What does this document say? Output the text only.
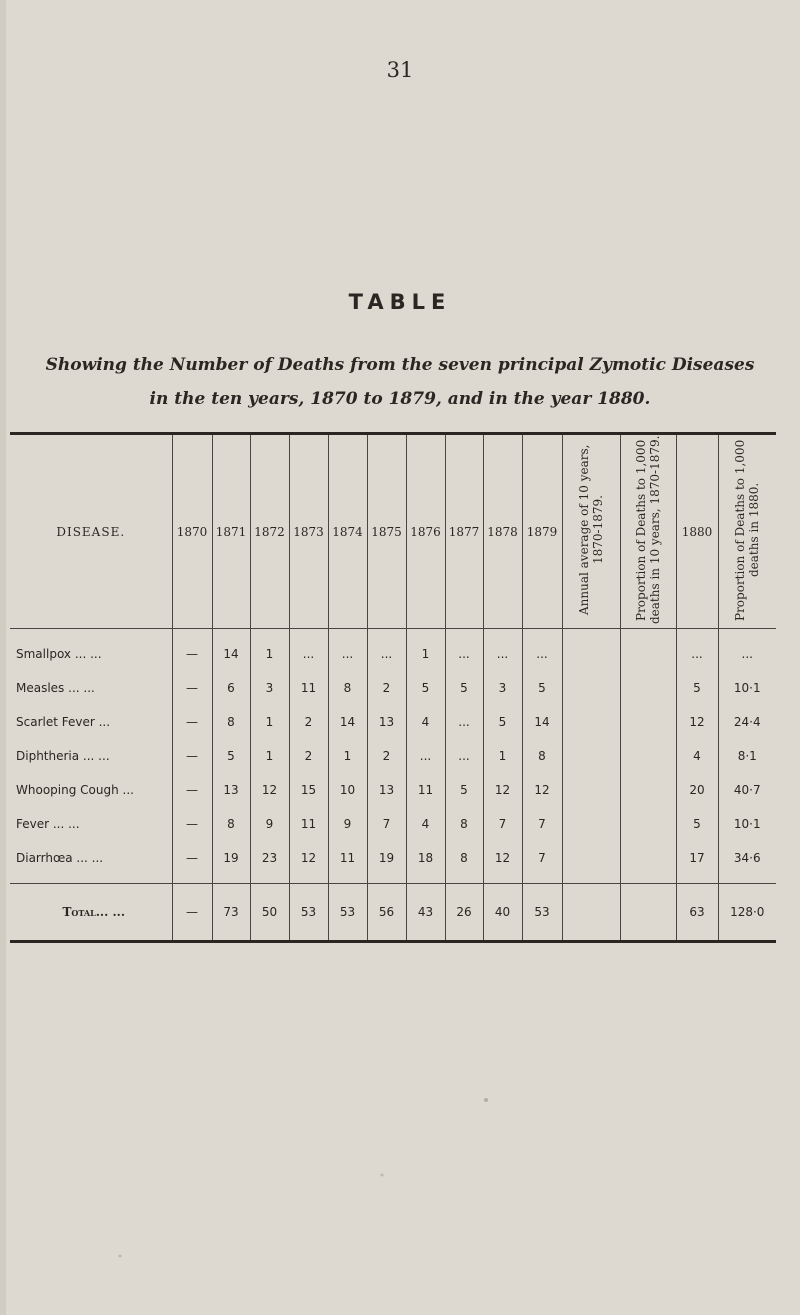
31
TABLE
Showing the Number of Deaths from the seven principal Zymotic Diseases
in the ten years, 1870 to 1879, and in the year 1880.
DISEASE.	1870	1871	1872	1873	1874	1875	1876	1877	1878	1879	Annual average of 10 years, 1870-1879.	Proportion of Deaths to 1,000 deaths in 10 years, 1870-1879.	1880	Proportion of Deaths to 1,000 deaths in 1880.

Smallpox ... ...	—	14	1	...	...	...	1	...	...	...			...	...
Measles ... ...	—	6	3	11	8	2	5	5	3	5			5	10·1
Scarlet Fever ...	—	8	1	2	14	13	4	...	5	14			12	24·4
Diphtheria ... ...	—	5	1	2	1	2	...	...	1	8			4	8·1
Whooping Cough ...	—	13	12	15	10	13	11	5	12	12			20	40·7
Fever ... ...	—	8	9	11	9	7	4	8	7	7			5	10·1
Diarrhœa ... ...	—	19	23	12	11	19	18	8	12	7			17	34·6

Total... ...	—	73	50	53	53	56	43	26	40	53			63	128·0
